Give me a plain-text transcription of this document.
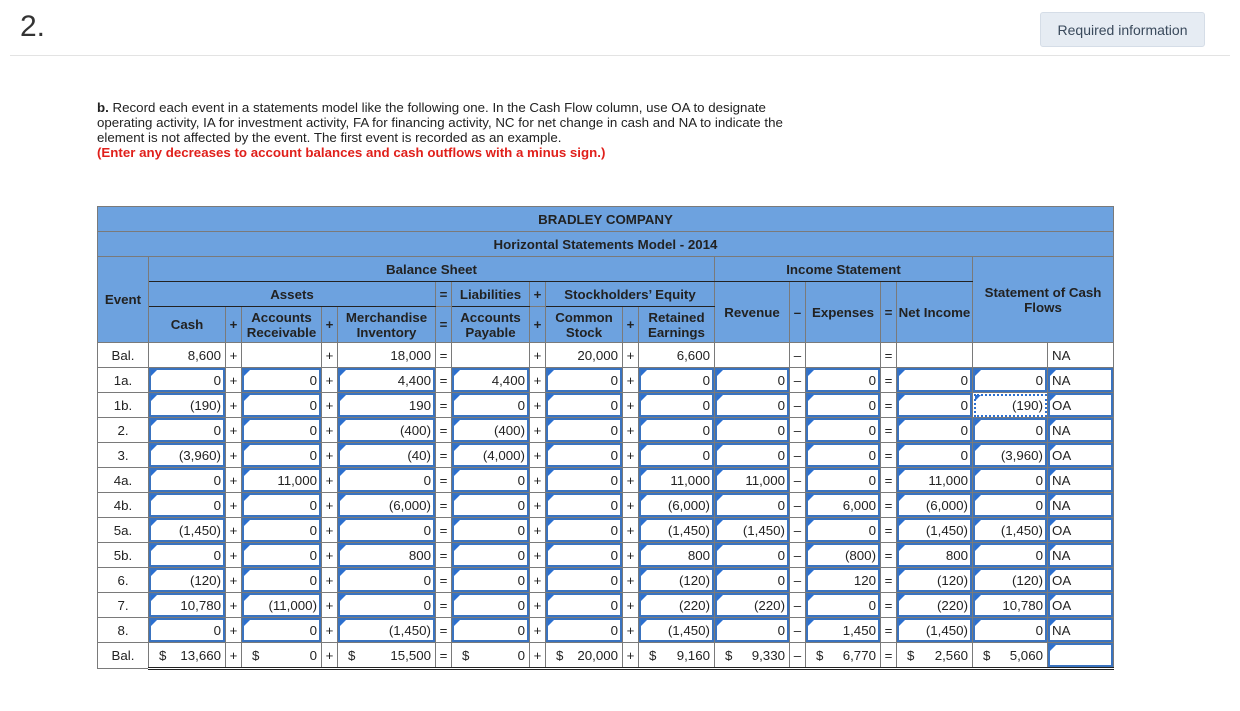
2.	Required information
b. Record each event in a statements model like the following one. In the Cash Flow column, use OA to designate operating activity, IA for investment activity, FA for financing activity, NC for net change in cash and NA to indicate the element is not affected by the event. The first event is recorded as an example.
(Enter any decreases to account balances and cash outflows with a minus sign.)
BRADLEY COMPANY																		
Horizontal Statements Model - 2014																		
Event	Balance Sheet											Income Statement					Statement of Cash Flows	
	Assets					=	Liabilities	+	Stockholders’ Equity			Revenue	–	Expenses	=	Net Income		
	Cash	+	Accounts Receivable	+	Merchandise Inventory	=	Accounts Payable	+	Common Stock	+	Retained Earnings							
Bal.	8,600	+		+	18,000	=		+	20,000	+	6,600		–		=			NA
1a.	0	+	0	+	4,400	=	4,400	+	0	+	0	0	–	0	=	0	0	NA
1b.	(190)	+	0	+	190	=	0	+	0	+	0	0	–	0	=	0	(190)	OA
2.	0	+	0	+	(400)	=	(400)	+	0	+	0	0	–	0	=	0	0	NA
3.	(3,960)	+	0	+	(40)	=	(4,000)	+	0	+	0	0	–	0	=	0	(3,960)	OA
4a.	0	+	11,000	+	0	=	0	+	0	+	11,000	11,000	–	0	=	11,000	0	NA
4b.	0	+	0	+	(6,000)	=	0	+	0	+	(6,000)	0	–	6,000	=	(6,000)	0	NA
5a.	(1,450)	+	0	+	0	=	0	+	0	+	(1,450)	(1,450)	–	0	=	(1,450)	(1,450)	OA
5b.	0	+	0	+	800	=	0	+	0	+	800	0	–	(800)	=	800	0	NA
6.	(120)	+	0	+	0	=	0	+	0	+	(120)	0	–	120	=	(120)	(120)	OA
7.	10,780	+	(11,000)	+	0	=	0	+	0	+	(220)	(220)	–	0	=	(220)	10,780	OA
8.	0	+	0	+	(1,450)	=	0	+	0	+	(1,450)	0	–	1,450	=	(1,450)	0	NA
Bal.	$ 13,660	+	$ 0	+	$ 15,500	=	$ 0	+	$ 20,000	+	$ 9,160	$ 9,330	–	$ 6,770	=	$ 2,560	$ 5,060	
